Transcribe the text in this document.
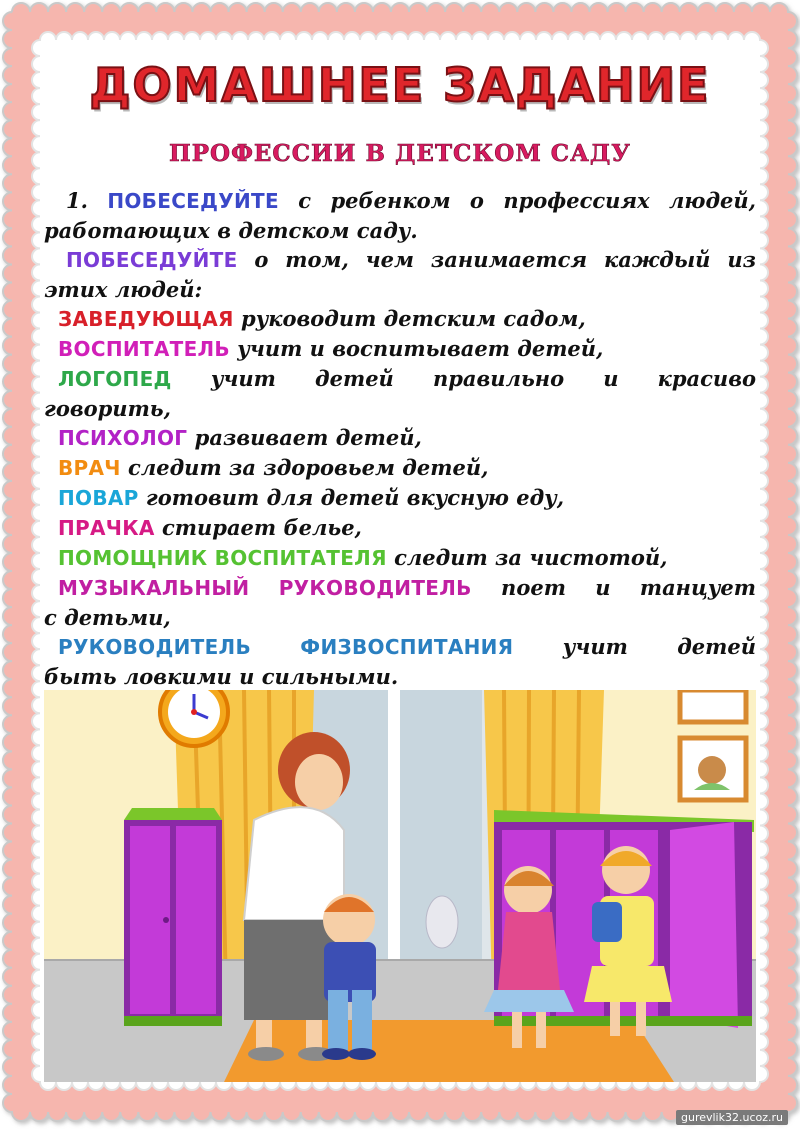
ДОМАШНЕЕ ЗАДАНИЕ
ПРОФЕССИИ В ДЕТСКОМ САДУ

1. ПОБЕСЕДУЙТЕ с ребенком о профессиях людей,

работающих в детском саду.

ПОБЕСЕДУЙТЕ о том, чем занимается каждый из

этих людей:

ЗАВЕДУЮЩАЯ руководит детским садом,

ВОСПИТАТЕЛЬ учит и воспитывает детей,

ЛОГОПЕД учит детей правильно и красиво

говорить,

ПСИХОЛОГ развивает детей,

ВРАЧ следит за здоровьем детей,

ПОВАР готовит для детей вкусную еду,

ПРАЧКА стирает белье,

ПОМОЩНИК ВОСПИТАТЕЛЯ следит за чистотой,

МУЗЫКАЛЬНЫЙ РУКОВОДИТЕЛЬ поет и танцует

с детьми,

РУКОВОДИТЕЛЬ ФИЗВОСПИТАНИЯ учит детей

быть ловкими и сильными.

gurevlik32.ucoz.ru
